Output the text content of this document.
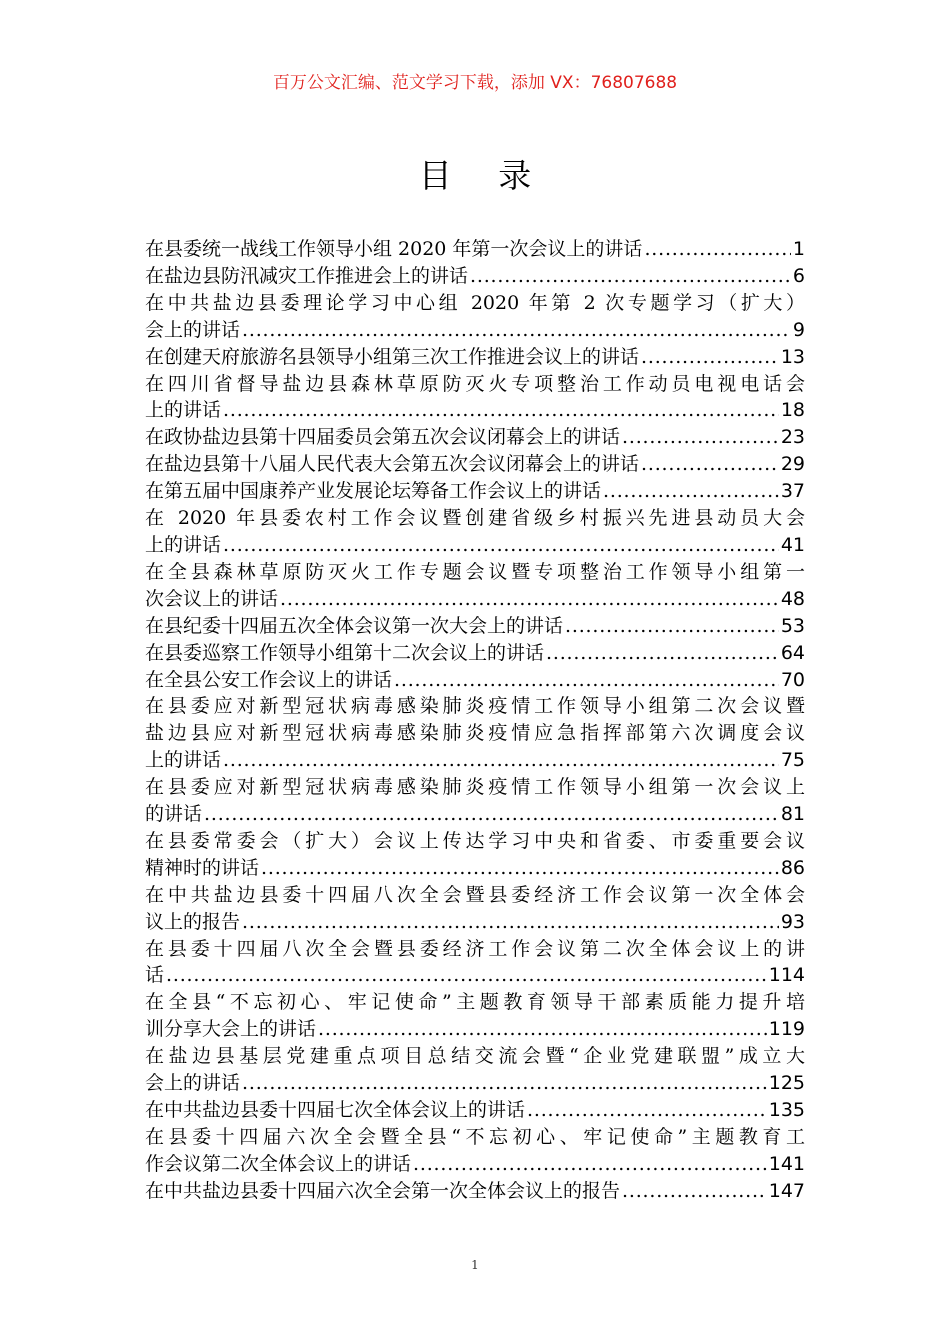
百万公文汇编、范文学习下载，添加 VX：76807688
目 录
在县委统一战线工作领导小组 2020 年第一次会议上的讲话 .....	1
在盐边县防汛减灾工作推进会上的讲话 .....	6
在中共盐边县委理论学习中心组 2020 年第 2 次专题学习（扩大）
会上的讲话 .....	9
在创建天府旅游名县领导小组第三次工作推进会议上的讲话 .....	13
在四川省督导盐边县森林草原防灭火专项整治工作动员电视电话会
上的讲话 .....	18
在政协盐边县第十四届委员会第五次会议闭幕会上的讲话 .....	23
在盐边县第十八届人民代表大会第五次会议闭幕会上的讲话 .....	29
在第五届中国康养产业发展论坛筹备工作会议上的讲话 .....	37
在 2020 年县委农村工作会议暨创建省级乡村振兴先进县动员大会
上的讲话 .....	41
在全县森林草原防灭火工作专题会议暨专项整治工作领导小组第一
次会议上的讲话 .....	48
在县纪委十四届五次全体会议第一次大会上的讲话 .....	53
在县委巡察工作领导小组第十二次会议上的讲话 .....	64
在全县公安工作会议上的讲话 .....	70
在县委应对新型冠状病毒感染肺炎疫情工作领导小组第二次会议暨
盐边县应对新型冠状病毒感染肺炎疫情应急指挥部第六次调度会议
上的讲话 .....	75
在县委应对新型冠状病毒感染肺炎疫情工作领导小组第一次会议上
的讲话 .....	81
在县委常委会（扩大）会议上传达学习中央和省委、市委重要会议
精神时的讲话 .....	86
在中共盐边县委十四届八次全会暨县委经济工作会议第一次全体会
议上的报告 .....	93
在县委十四届八次全会暨县委经济工作会议第二次全体会议上的讲
话 .....	114
在全县“不忘初心、牢记使命”主题教育领导干部素质能力提升培
训分享大会上的讲话 .....	119
在盐边县基层党建重点项目总结交流会暨“企业党建联盟”成立大
会上的讲话 .....	125
在中共盐边县委十四届七次全体会议上的讲话 .....	135
在县委十四届六次全会暨全县“不忘初心、牢记使命”主题教育工
作会议第二次全体会议上的讲话 .....	141
在中共盐边县委十四届六次全会第一次全体会议上的报告 .....	147
1
